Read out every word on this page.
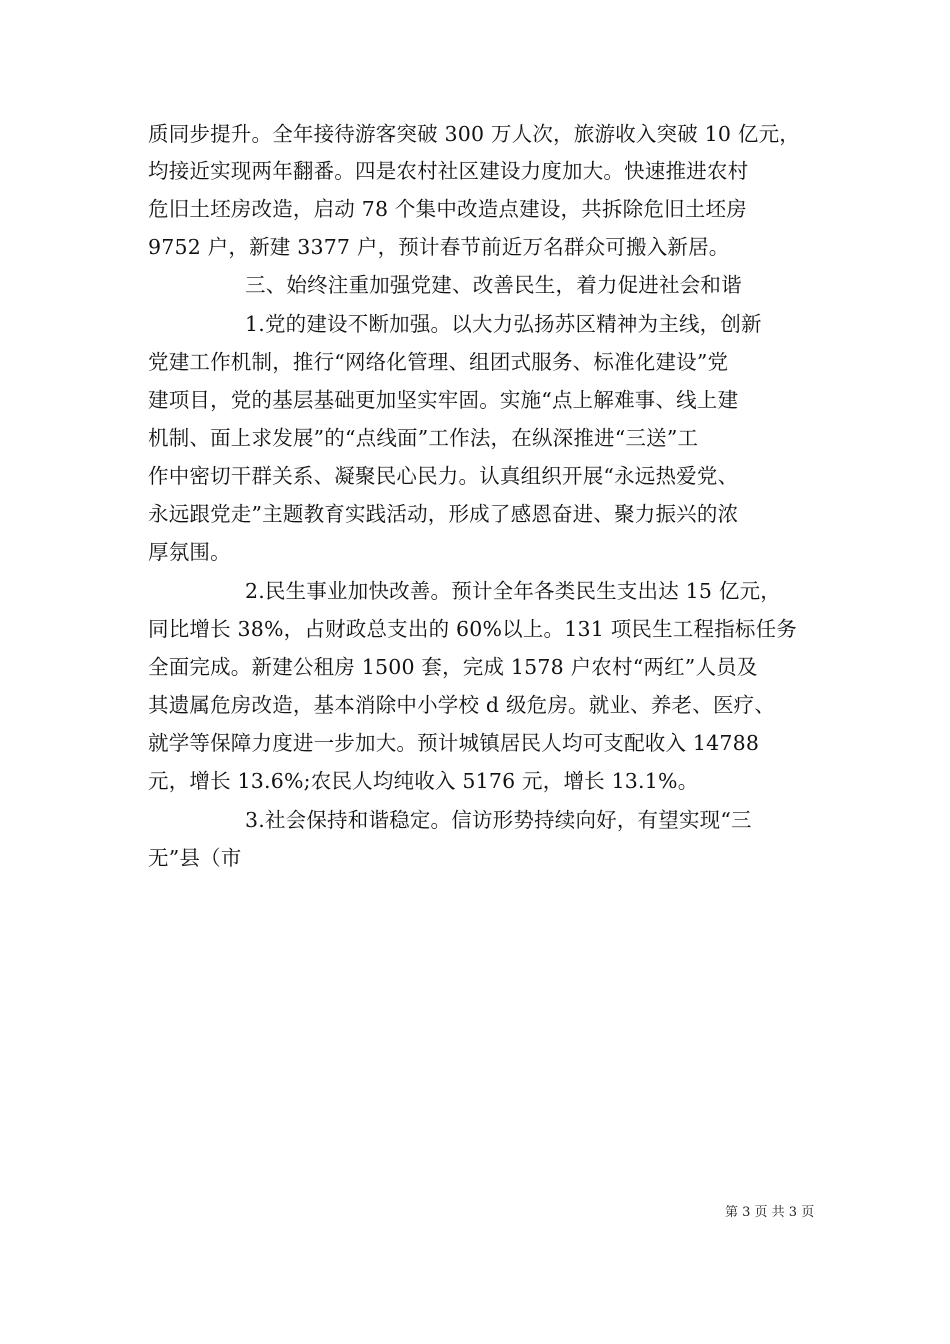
质同步提升。全年接待游客突破 300 万人次，旅游收入突破 10 亿元，
均接近实现两年翻番。四是农村社区建设力度加大。快速推进农村
危旧土坯房改造，启动 78 个集中改造点建设，共拆除危旧土坯房
9752 户，新建 3377 户，预计春节前近万名群众可搬入新居。
三、始终注重加强党建、改善民生，着力促进社会和谐
1.党的建设不断加强。以大力弘扬苏区精神为主线，创新
党建工作机制，推行“网络化管理、组团式服务、标准化建设”党
建项目，党的基层基础更加坚实牢固。实施“点上解难事、线上建
机制、面上求发展”的“点线面”工作法，在纵深推进“三送”工
作中密切干群关系、凝聚民心民力。认真组织开展“永远热爱党、
永远跟党走”主题教育实践活动，形成了感恩奋进、聚力振兴的浓
厚氛围。
2.民生事业加快改善。预计全年各类民生支出达 15 亿元，
同比增长 38%，占财政总支出的 60%以上。131 项民生工程指标任务
全面完成。新建公租房 1500 套，完成 1578 户农村“两红”人员及
其遗属危房改造，基本消除中小学校 d 级危房。就业、养老、医疗、
就学等保障力度进一步加大。预计城镇居民人均可支配收入 14788
元，增长 13.6%;农民人均纯收入 5176 元，增长 13.1%。
3.社会保持和谐稳定。信访形势持续向好，有望实现“三
无”县（市
第 3 页 共 3 页
